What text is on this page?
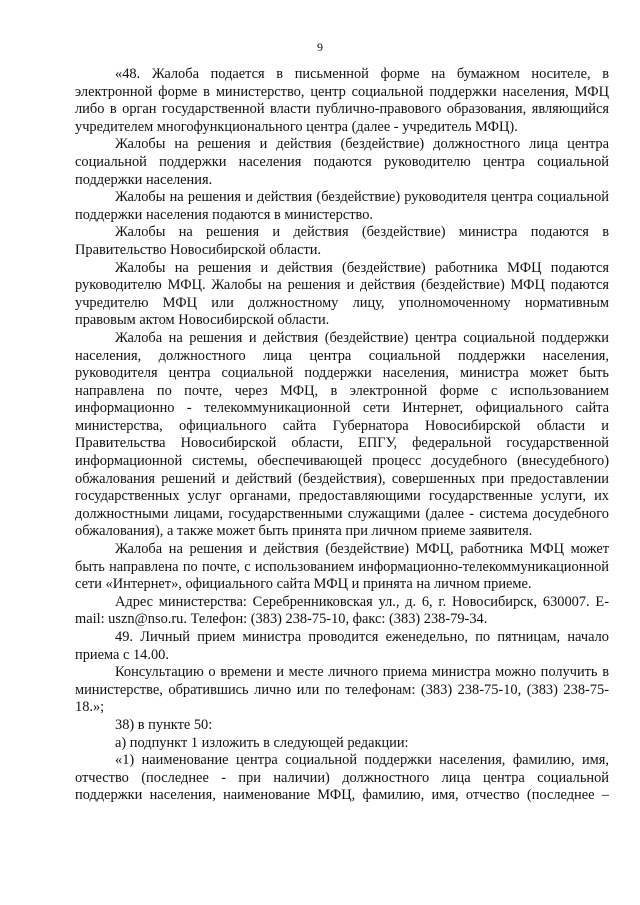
9

«48. Жалоба подается в письменной форме на бумажном носителе, в электронной форме в министерство, центр социальной поддержки населения, МФЦ либо в орган государственной власти публично-правового образования, являющийся учредителем многофункционального центра (далее - учредитель МФЦ).

Жалобы на решения и действия (бездействие) должностного лица центра социальной поддержки населения подаются руководителю центра социальной поддержки населения.

Жалобы на решения и действия (бездействие) руководителя центра социальной поддержки населения подаются в министерство.

Жалобы на решения и действия (бездействие) министра подаются в Правительство Новосибирской области.

Жалобы на решения и действия (бездействие) работника МФЦ подаются руководителю МФЦ. Жалобы на решения и действия (бездействие) МФЦ подаются учредителю МФЦ или должностному лицу, уполномоченному нормативным правовым актом Новосибирской области.

Жалоба на решения и действия (бездействие) центра социальной поддержки населения, должностного лица центра социальной поддержки населения, руководителя центра социальной поддержки населения, министра может быть направлена по почте, через МФЦ, в электронной форме с использованием информационно - телекоммуникационной сети Интернет, официального сайта министерства, официального сайта Губернатора Новосибирской области и Правительства Новосибирской области, ЕПГУ, федеральной государственной информационной системы, обеспечивающей процесс досудебного (внесудебного) обжалования решений и действий (бездействия), совершенных при предоставлении государственных услуг органами, предоставляющими государственные услуги, их должностными лицами, государственными служащими (далее - система досудебного обжалования), а также может быть принята при личном приеме заявителя.

Жалоба на решения и действия (бездействие) МФЦ, работника МФЦ может быть направлена по почте, с использованием информационно-телекоммуникационной сети «Интернет», официального сайта МФЦ и принята на личном приеме.

Адрес министерства: Серебренниковская ул., д. 6, г. Новосибирск, 630007. E-mail: uszn@nso.ru. Телефон: (383) 238-75-10, факс: (383) 238-79-34.

49. Личный прием министра проводится еженедельно, по пятницам, начало приема с 14.00.

Консультацию о времени и месте личного приема министра можно получить в министерстве, обратившись лично или по телефонам: (383) 238-75-10, (383) 238-75-18.»;

38) в пункте 50:

а) подпункт 1 изложить в следующей редакции:

«1) наименование центра социальной поддержки населения, фамилию, имя, отчество (последнее - при наличии) должностного лица центра социальной поддержки населения, наименование МФЦ, фамилию, имя, отчество (последнее –
